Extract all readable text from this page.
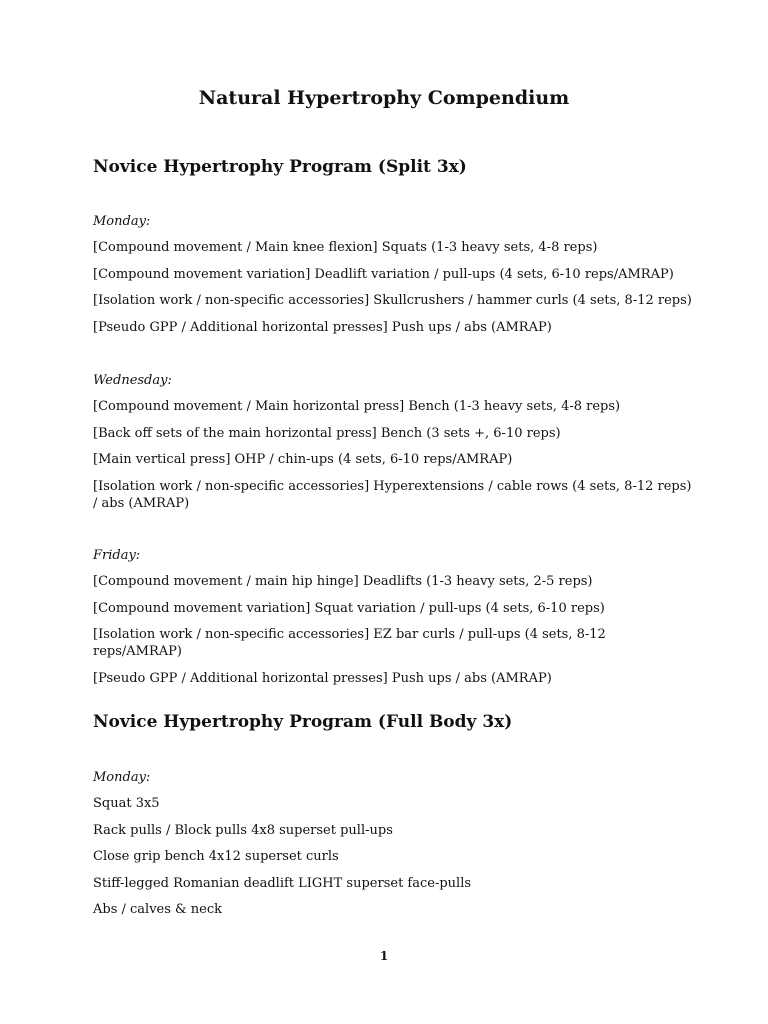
Natural Hypertrophy Compendium
Novice Hypertrophy Program (Split 3x)
Monday:
[Compound movement / Main knee flexion] Squats (1-3 heavy sets, 4-8 reps)
[Compound movement variation] Deadlift variation / pull-ups (4 sets, 6-10 reps/AMRAP)
[Isolation work / non-specific accessories] Skullcrushers / hammer curls (4 sets, 8-12 reps)
[Pseudo GPP / Additional horizontal presses] Push ups / abs (AMRAP)
Wednesday:
[Compound movement / Main horizontal press] Bench (1-3 heavy sets, 4-8 reps)
[Back off sets of the main horizontal press] Bench (3 sets +, 6-10 reps)
[Main vertical press] OHP / chin-ups (4 sets, 6-10 reps/AMRAP)
[Isolation work / non-specific accessories] Hyperextensions / cable rows (4 sets, 8-12 reps) / abs (AMRAP)
Friday:
[Compound movement / main hip hinge] Deadlifts (1-3 heavy sets, 2-5 reps)
[Compound movement variation] Squat variation / pull-ups (4 sets, 6-10 reps)
[Isolation work / non-specific accessories] EZ bar curls / pull-ups (4 sets, 8-12 reps/AMRAP)
[Pseudo GPP / Additional horizontal presses] Push ups / abs (AMRAP)
Novice Hypertrophy Program (Full Body 3x)
Monday:
Squat 3x5
Rack pulls / Block pulls 4x8 superset pull-ups
Close grip bench 4x12 superset curls
Stiff-legged Romanian deadlift LIGHT superset face-pulls
Abs / calves & neck
1
